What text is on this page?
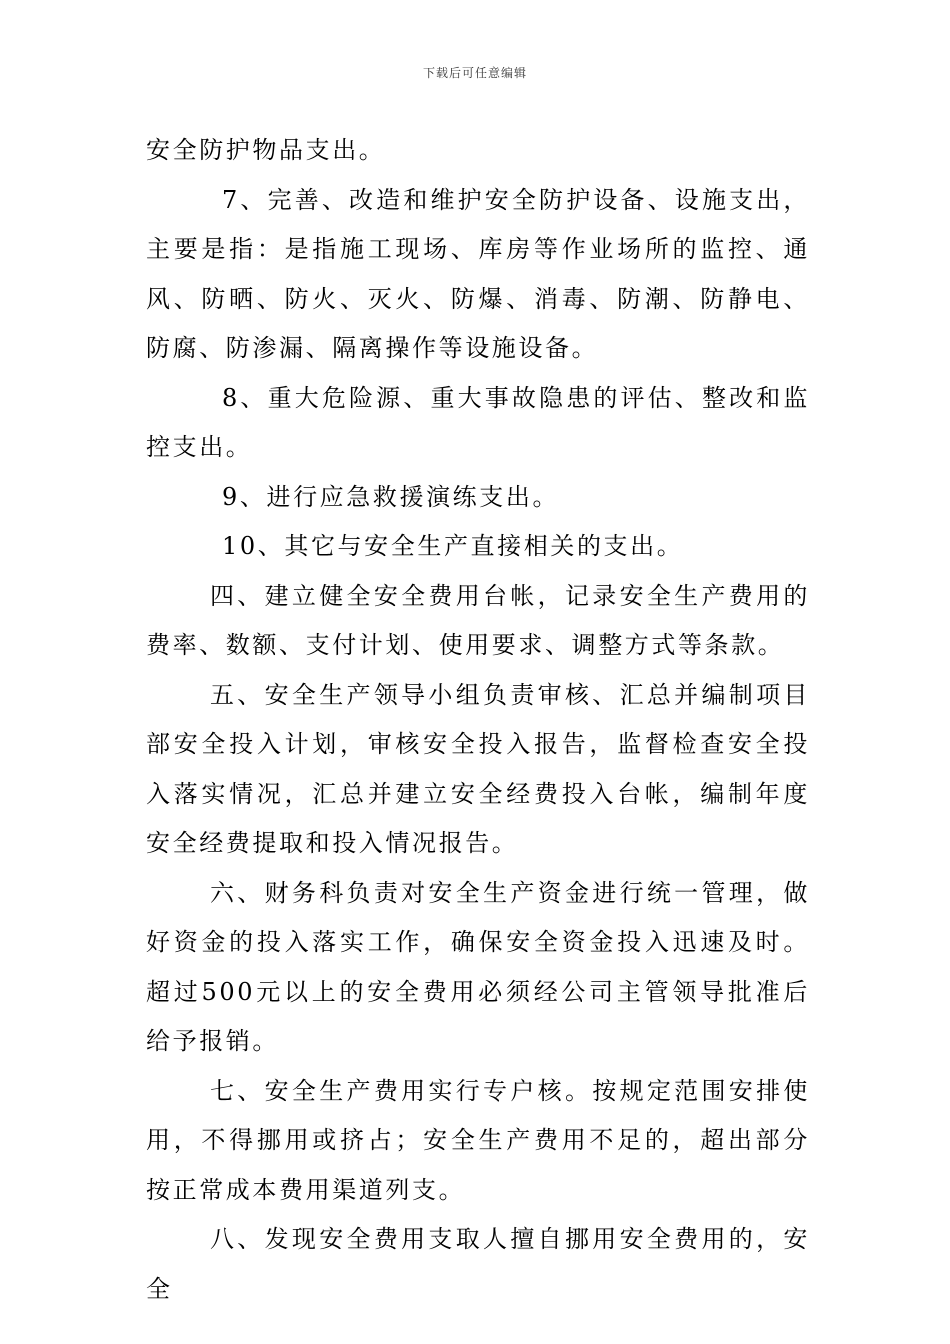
下载后可任意编辑

安全防护物品支出。

7、完善、改造和维护安全防护设备、设施支出，主要是指：是指施工现场、库房等作业场所的监控、通风、防晒、防火、灭火、防爆、消毒、防潮、防静电、防腐、防渗漏、隔离操作等设施设备。

8、重大危险源、重大事故隐患的评估、整改和监控支出。

9、进行应急救援演练支出。

10、其它与安全生产直接相关的支出。

四、建立健全安全费用台帐，记录安全生产费用的费率、数额、支付计划、使用要求、调整方式等条款。

五、安全生产领导小组负责审核、汇总并编制项目部安全投入计划，审核安全投入报告，监督检查安全投入落实情况，汇总并建立安全经费投入台帐，编制年度安全经费提取和投入情况报告。

六、财务科负责对安全生产资金进行统一管理，做好资金的投入落实工作，确保安全资金投入迅速及时。超过500元以上的安全费用必须经公司主管领导批准后给予报销。

七、安全生产费用实行专户核。按规定范围安排使用，不得挪用或挤占；安全生产费用不足的，超出部分按正常成本费用渠道列支。

八、发现安全费用支取人擅自挪用安全费用的，安全
